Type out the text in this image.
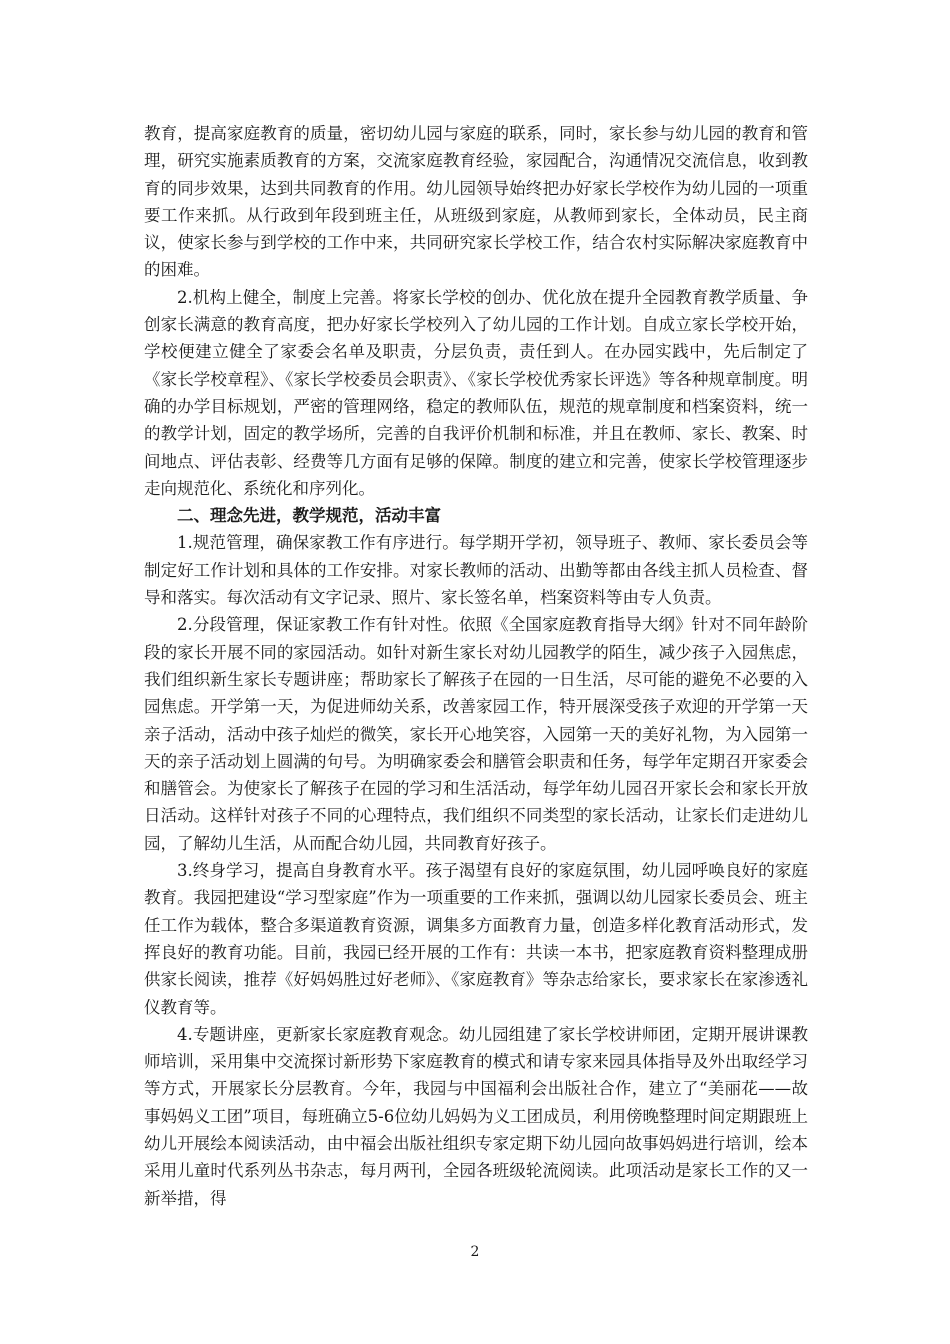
教育，提高家庭教育的质量，密切幼儿园与家庭的联系，同时，家长参与幼儿园的教育和管理，研究实施素质教育的方案，交流家庭教育经验，家园配合，沟通情况交流信息，收到教育的同步效果，达到共同教育的作用。幼儿园领导始终把办好家长学校作为幼儿园的一项重要工作来抓。从行政到年段到班主任，从班级到家庭，从教师到家长，全体动员，民主商议，使家长参与到学校的工作中来，共同研究家长学校工作，结合农村实际解决家庭教育中的困难。

2.机构上健全，制度上完善。将家长学校的创办、优化放在提升全园教育教学质量、争创家长满意的教育高度，把办好家长学校列入了幼儿园的工作计划。自成立家长学校开始，学校便建立健全了家委会名单及职责，分层负责，责任到人。在办园实践中，先后制定了《家长学校章程》、《家长学校委员会职责》、《家长学校优秀家长评选》等各种规章制度。明确的办学目标规划，严密的管理网络，稳定的教师队伍，规范的规章制度和档案资料，统一的教学计划，固定的教学场所，完善的自我评价机制和标准，并且在教师、家长、教案、时间地点、评估表彰、经费等几方面有足够的保障。制度的建立和完善，使家长学校管理逐步走向规范化、系统化和序列化。

二、理念先进，教学规范，活动丰富

1.规范管理，确保家教工作有序进行。每学期开学初，领导班子、教师、家长委员会等制定好工作计划和具体的工作安排。对家长教师的活动、出勤等都由各线主抓人员检查、督导和落实。每次活动有文字记录、照片、家长签名单，档案资料等由专人负责。

2.分段管理，保证家教工作有针对性。依照《全国家庭教育指导大纲》针对不同年龄阶段的家长开展不同的家园活动。如针对新生家长对幼儿园教学的陌生，减少孩子入园焦虑，我们组织新生家长专题讲座；帮助家长了解孩子在园的一日生活，尽可能的避免不必要的入园焦虑。开学第一天，为促进师幼关系，改善家园工作，特开展深受孩子欢迎的开学第一天亲子活动，活动中孩子灿烂的微笑，家长开心地笑容，入园第一天的美好礼物，为入园第一天的亲子活动划上圆满的句号。为明确家委会和膳管会职责和任务，每学年定期召开家委会和膳管会。为使家长了解孩子在园的学习和生活活动，每学年幼儿园召开家长会和家长开放日活动。这样针对孩子不同的心理特点，我们组织不同类型的家长活动，让家长们走进幼儿园，了解幼儿生活，从而配合幼儿园，共同教育好孩子。

3.终身学习，提高自身教育水平。孩子渴望有良好的家庭氛围，幼儿园呼唤良好的家庭教育。我园把建设“学习型家庭”作为一项重要的工作来抓，强调以幼儿园家长委员会、班主任工作为载体，整合多渠道教育资源，调集多方面教育力量，创造多样化教育活动形式，发挥良好的教育功能。目前，我园已经开展的工作有：共读一本书，把家庭教育资料整理成册供家长阅读，推荐《好妈妈胜过好老师》、《家庭教育》等杂志给家长，要求家长在家渗透礼仪教育等。

4.专题讲座，更新家长家庭教育观念。幼儿园组建了家长学校讲师团，定期开展讲课教师培训，采用集中交流探讨新形势下家庭教育的模式和请专家来园具体指导及外出取经学习等方式，开展家长分层教育。今年，我园与中国福利会出版社合作，建立了“美丽花——故事妈妈义工团”项目，每班确立5-6位幼儿妈妈为义工团成员，利用傍晚整理时间定期跟班上幼儿开展绘本阅读活动，由中福会出版社组织专家定期下幼儿园向故事妈妈进行培训，绘本采用儿童时代系列丛书杂志，每月两刊，全园各班级轮流阅读。此项活动是家长工作的又一新举措，得

2
